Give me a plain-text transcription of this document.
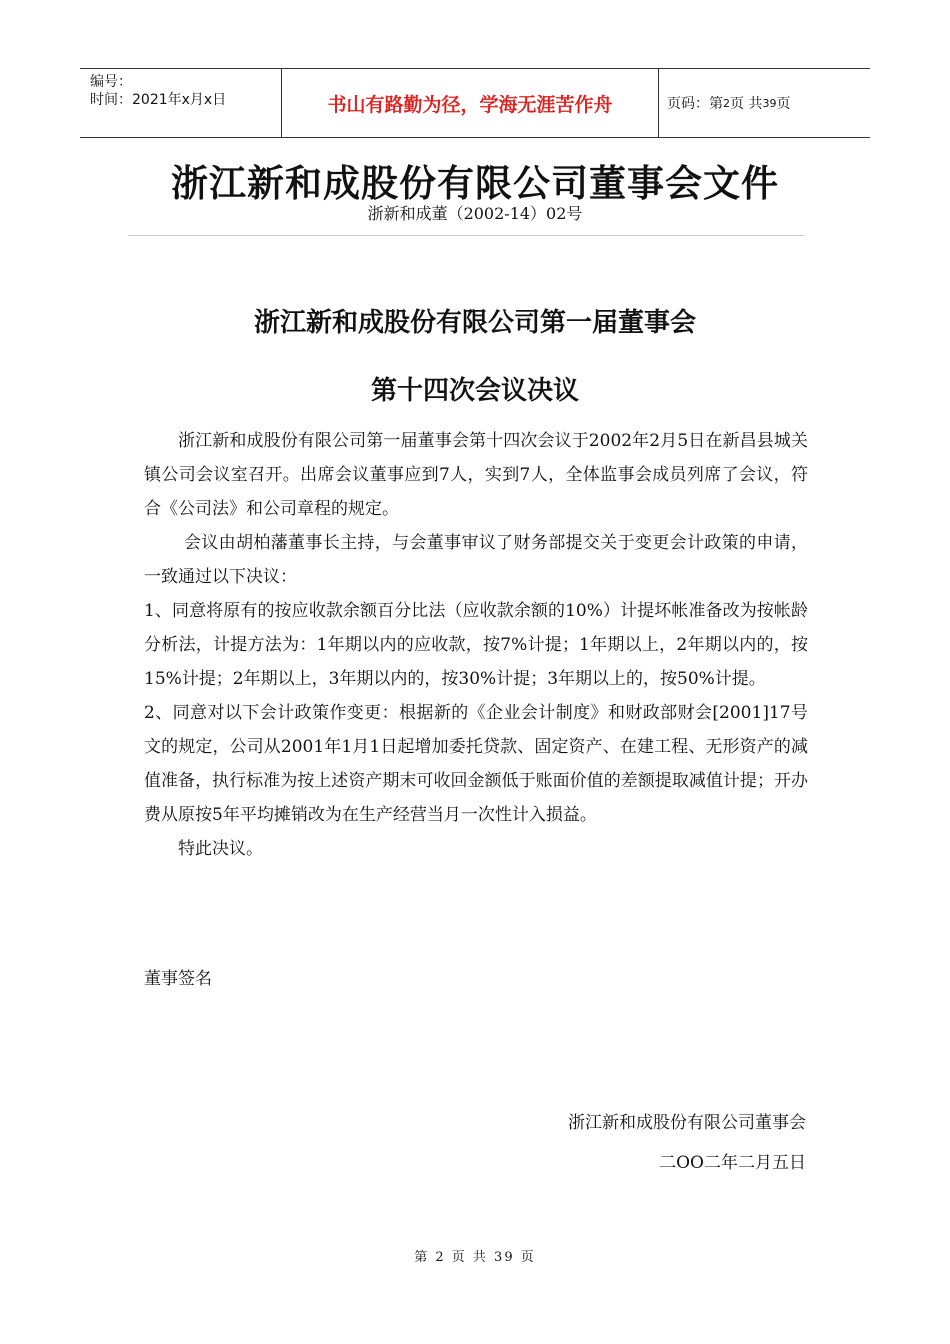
编号：
时间：2021年x月x日	书山有路勤为径，学海无涯苦作舟	页码：第 2 页 共 39 页
浙江新和成股份有限公司董事会文件
浙新和成董（2002-14）02号
浙江新和成股份有限公司第一届董事会
第十四次会议决议

浙江新和成股份有限公司第一届董事会第十四次会议于2002年2月5日在新昌县城关镇公司会议室召开。出席会议董事应到7人，实到7人，全体监事会成员列席了会议，符合《公司法》和公司章程的规定。

会议由胡柏藩董事长主持，与会董事审议了财务部提交关于变更会计政策的申请，一致通过以下决议：

1、同意将原有的按应收款余额百分比法（应收款余额的10%）计提坏帐准备改为按帐龄分析法，计提方法为：1年期以内的应收款，按7%计提；1年期以上，2年期以内的，按15%计提；2年期以上，3年期以内的，按30%计提；3年期以上的，按50%计提。

2、同意对以下会计政策作变更：根据新的《企业会计制度》和财政部财会[2001]17号文的规定，公司从2001年1月1日起增加委托贷款、固定资产、在建工程、无形资产的减值准备，执行标准为按上述资产期末可收回金额低于账面价值的差额提取减值计提；开办费从原按5年平均摊销改为在生产经营当月一次性计入损益。

特此决议。

董事签名
浙江新和成股份有限公司董事会
二OO二年二月五日
第 2 页 共 39 页
